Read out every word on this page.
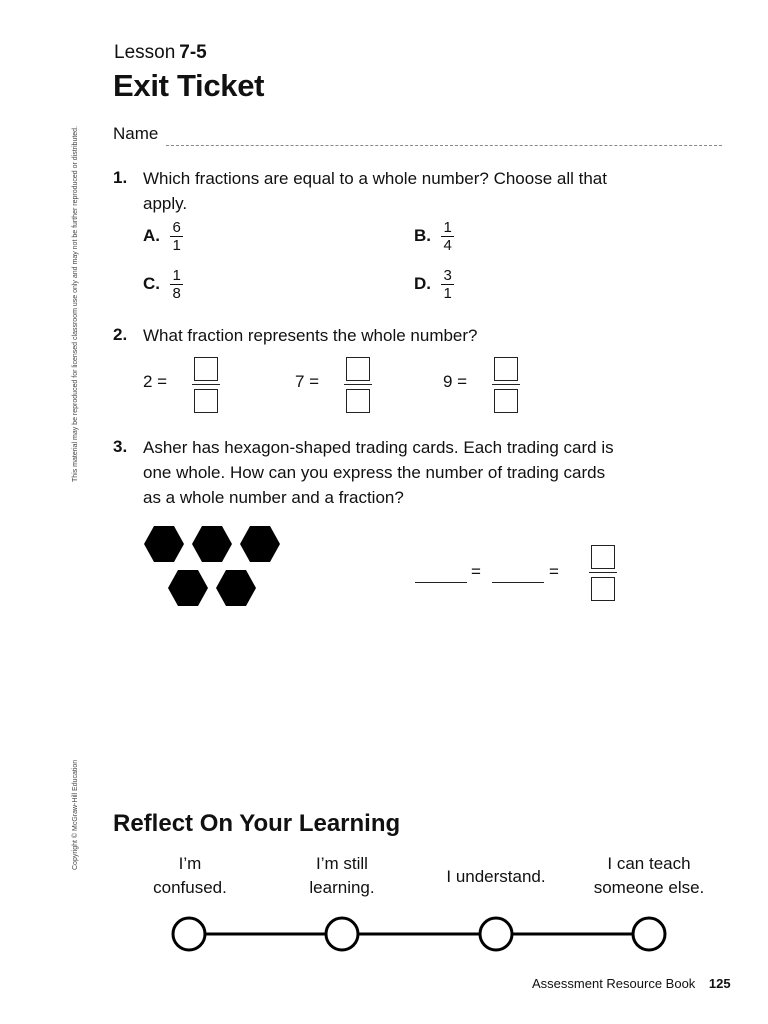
This material may be reproduced for licensed classroom use only and may not be further reproduced or distributed.
Copyright © McGraw-Hill Education
Lesson 7-5
Exit Ticket
Name
1. Which fractions are equal to a whole number? Choose all that
apply.
A. $\frac{6}{1}$	B. $\frac{1}{4}$
C. $\frac{1}{8}$	D. $\frac{3}{1}$
2. What fraction represents the whole number?
2 =	7 =	9 =
3. Asher has hexagon-shaped trading cards. Each trading card is
one whole. How can you express the number of trading cards
as a whole number and a fraction?
=	=
Reflect On Your Learning
I’m
confused.
I’m still
learning.
I understand.
I can teach
someone else.
Assessment Resource Book 125
